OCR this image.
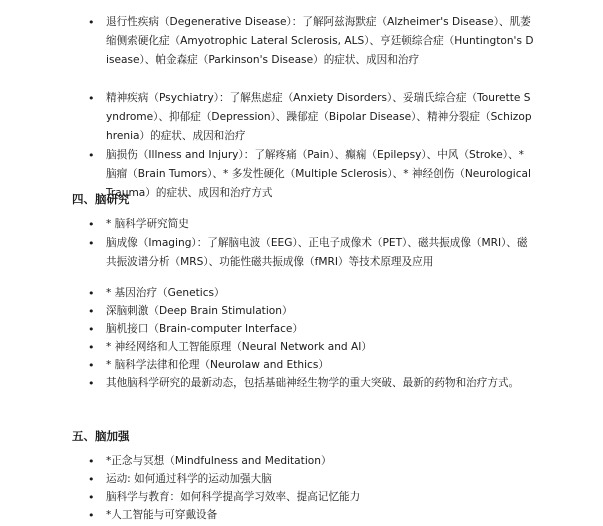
• 退行性疾病（Degenerative Disease）：了解阿兹海默症（Alzheimer's Disease）、肌萎缩侧索硬化症（Amyotrophic Lateral Sclerosis, ALS）、亨廷顿综合症（Huntington's Disease）、帕金森症（Parkinson's Disease）的症状、成因和治疗
• 精神疾病（Psychiatry）：了解焦虑症（Anxiety Disorders）、妥瑞氏综合症（Tourette Syndrome）、抑郁症（Depression）、躁郁症（Bipolar Disease）、精神分裂症（Schizophrenia）的症状、成因和治疗
• 脑损伤（Illness and Injury）：了解疼痛（Pain）、癫痫（Epilepsy）、中风（Stroke）、* 脑瘤（Brain Tumors）、* 多发性硬化（Multiple Sclerosis）、* 神经创伤（Neurological Trauma）的症状、成因和治疗方式
四、脑研究
• * 脑科学研究简史
• 脑成像（Imaging）：了解脑电波（EEG）、正电子成像术（PET）、磁共振成像（MRI）、磁共振波谱分析（MRS）、功能性磁共振成像（fMRI）等技术原理及应用
• * 基因治疗（Genetics）
• 深脑刺激（Deep Brain Stimulation）
• 脑机接口（Brain-computer Interface）
• * 神经网络和人工智能原理（Neural Network and AI）
• * 脑科学法律和伦理（Neurolaw and Ethics）
• 其他脑科学研究的最新动态，包括基础神经生物学的重大突破、最新的药物和治疗方式。
五、脑加强
• *正念与冥想（Mindfulness and Meditation）
• 运动: 如何通过科学的运动加强大脑
• 脑科学与教育：如何科学提高学习效率、提高记忆能力
• *人工智能与可穿戴设备
